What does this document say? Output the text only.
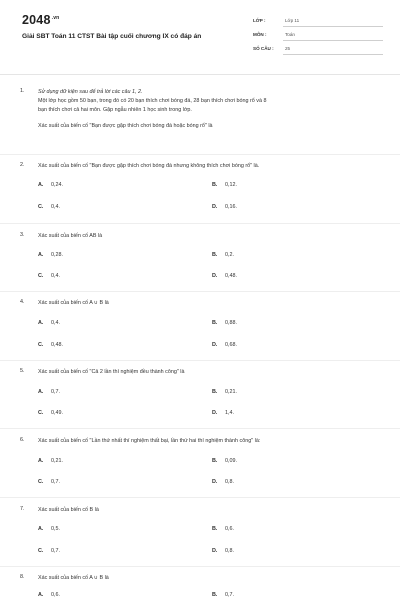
$2048^{.vn}$
Giải SBT Toán 11 CTST Bài tập cuối chương IX có đáp án
LỚP :	Lớp 11
MÔN :	Toán
SỐ CÂU : 25
1.	Sử dụng dữ kiện sau để trả lời các câu 1, 2.
Một lớp học gồm 50 bạn, trong đó có 20 bạn thích chơi bóng đá, 28 bạn thích chơi bóng rổ và 8
bạn thích chơi cả hai môn. Gặp ngẫu nhiên 1 học sinh trong lớp.
Xác suất của biến cố "Bạn được gặp thích chơi bóng đá hoặc bóng rổ" là
2.	Xác suất của biến cố "Bạn được gặp thích chơi bóng đá nhưng không thích chơi bóng rổ" là.
A. 0,24.	B. 0,12.
C. 0,4.	D. 0,16.
3.	Xác suất của biến cố AB là
A. 0,28.	B. 0,2.
C. 0,4.	D. 0,48.
4.	Xác suất của biến cố A ∪ B là
A. 0,4.	B. 0,88.
C. 0,48.	D. 0,68.
5.	Xác suất của biến cố "Cả 2 lần thí nghiệm đều thành công" là
A. 0,7.	B. 0,21.
C. 0,49.	D. 1,4.
6.	Xác suất của biến cố "Lần thứ nhất thí nghiệm thất bại, lần thứ hai thí nghiệm thành công" là:
A. 0,21.	B. 0,09.
C. 0,7.	D. 0,8.
7.	Xác suất của biến cố B là
A. 0,5.	B. 0,6.
C. 0,7.	D. 0,8.
8.	Xác suất của biến cố A ∪ B là
A. 0,6.	B. 0,7.
